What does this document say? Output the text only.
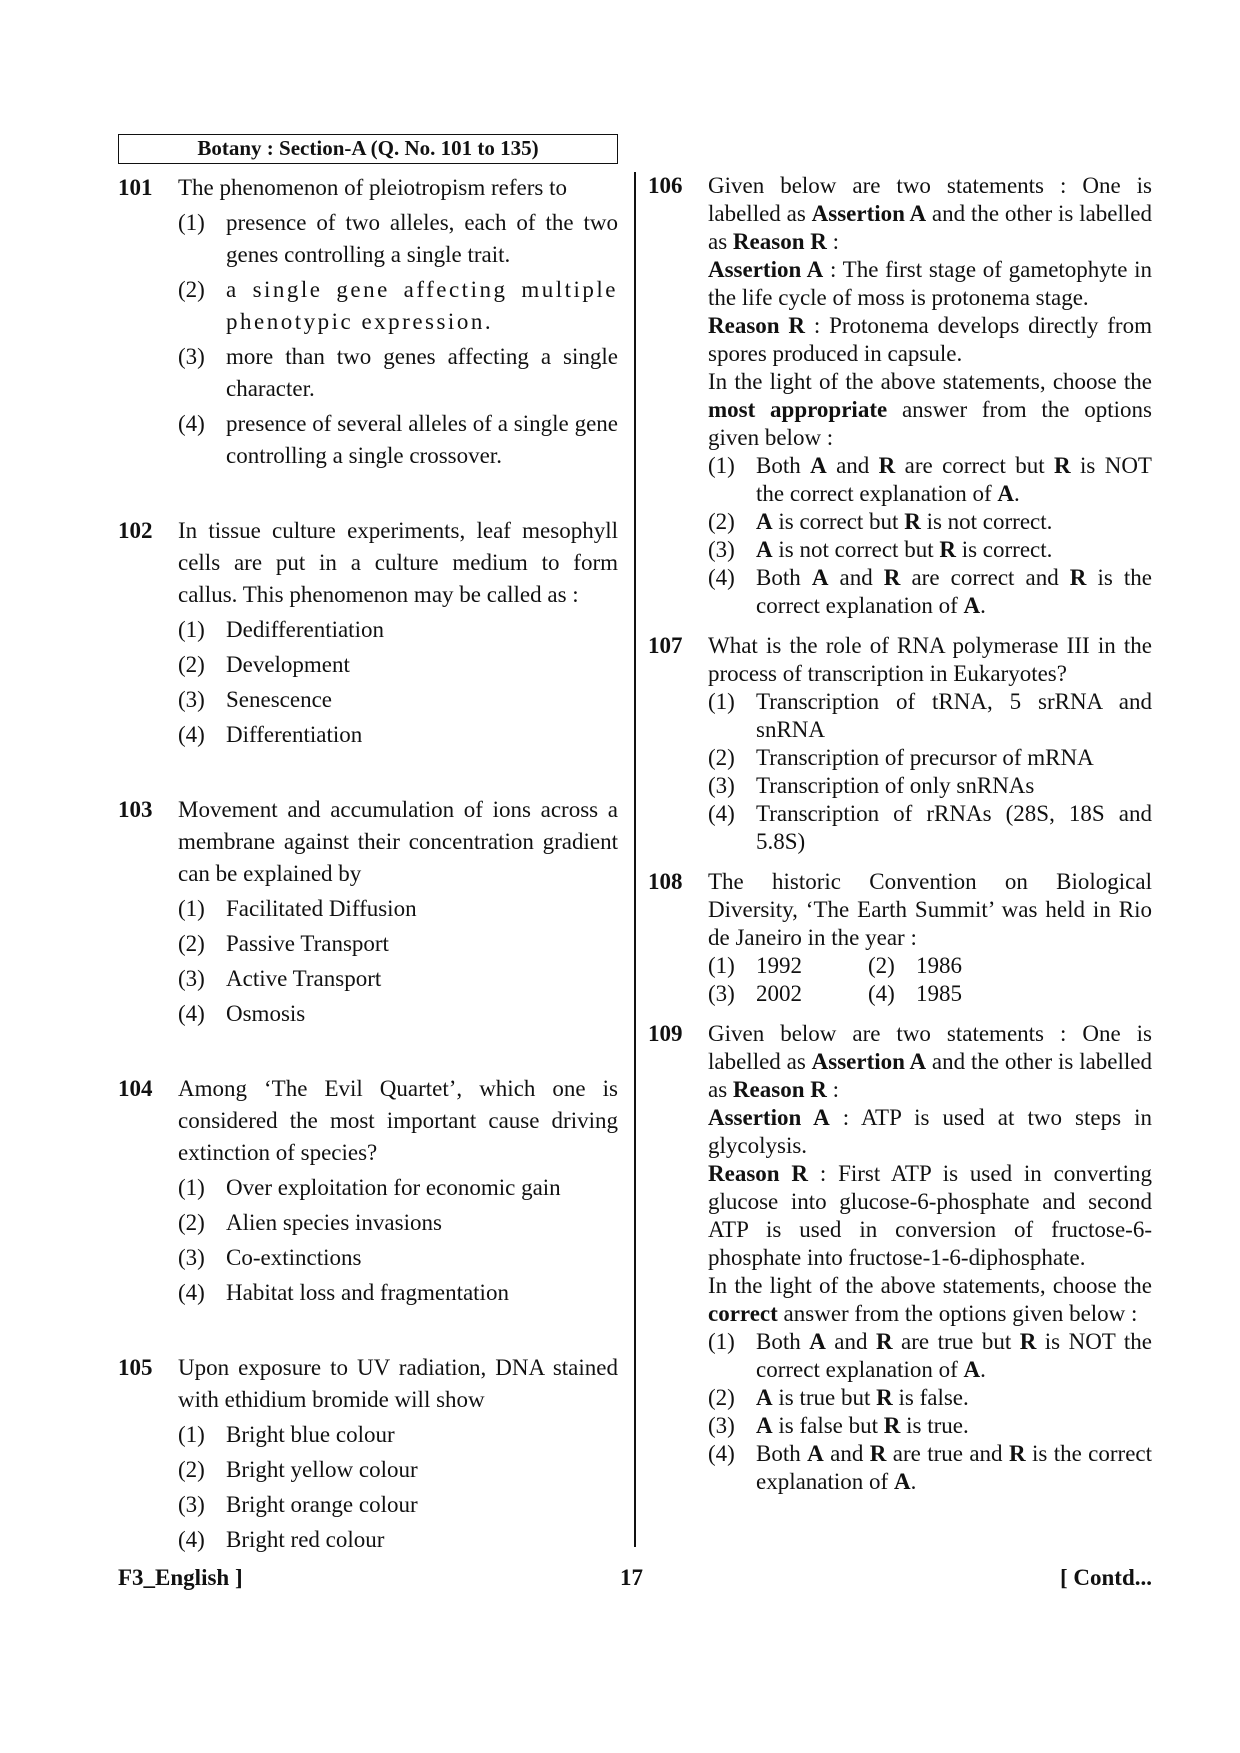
Botany : Section-A (Q. No. 101 to 135)
101 The phenomenon of pleiotropism refers to
(1) presence of two alleles, each of the two genes controlling a single trait.
(2) a single gene affecting multiple phenotypic expression.
(3) more than two genes affecting a single character.
(4) presence of several alleles of a single gene controlling a single crossover.
102 In tissue culture experiments, leaf mesophyll cells are put in a culture medium to form callus. This phenomenon may be called as :
(1) Dedifferentiation
(2) Development
(3) Senescence
(4) Differentiation
103 Movement and accumulation of ions across a membrane against their concentration gradient can be explained by
(1) Facilitated Diffusion
(2) Passive Transport
(3) Active Transport
(4) Osmosis
104 Among ‘The Evil Quartet’, which one is considered the most important cause driving extinction of species?
(1) Over exploitation for economic gain
(2) Alien species invasions
(3) Co-extinctions
(4) Habitat loss and fragmentation
105 Upon exposure to UV radiation, DNA stained with ethidium bromide will show
(1) Bright blue colour
(2) Bright yellow colour
(3) Bright orange colour
(4) Bright red colour
106 Given below are two statements : One is labelled as Assertion A and the other is labelled as Reason R :
Assertion A : The first stage of gametophyte in the life cycle of moss is protonema stage.
Reason R : Protonema develops directly from spores produced in capsule.
In the light of the above statements, choose the most appropriate answer from the options given below :
(1) Both A and R are correct but R is NOT the correct explanation of A.
(2) A is correct but R is not correct.
(3) A is not correct but R is correct.
(4) Both A and R are correct and R is the correct explanation of A.
107 What is the role of RNA polymerase III in the process of transcription in Eukaryotes?
(1) Transcription of tRNA, 5 srRNA and snRNA
(2) Transcription of precursor of mRNA
(3) Transcription of only snRNAs
(4) Transcription of rRNAs (28S, 18S and 5.8S)
108 The historic Convention on Biological Diversity, ‘The Earth Summit’ was held in Rio de Janeiro in the year :
(1) 1992	(2) 1986
(3) 2002	(4) 1985
109 Given below are two statements : One is labelled as Assertion A and the other is labelled as Reason R :
Assertion A : ATP is used at two steps in glycolysis.
Reason R : First ATP is used in converting glucose into glucose-6-phosphate and second ATP is used in conversion of fructose-6-phosphate into fructose-1-6-diphosphate.
In the light of the above statements, choose the correct answer from the options given below :
(1) Both A and R are true but R is NOT the correct explanation of A.
(2) A is true but R is false.
(3) A is false but R is true.
(4) Both A and R are true and R is the correct explanation of A.
F3_English ]	17	[ Contd...
